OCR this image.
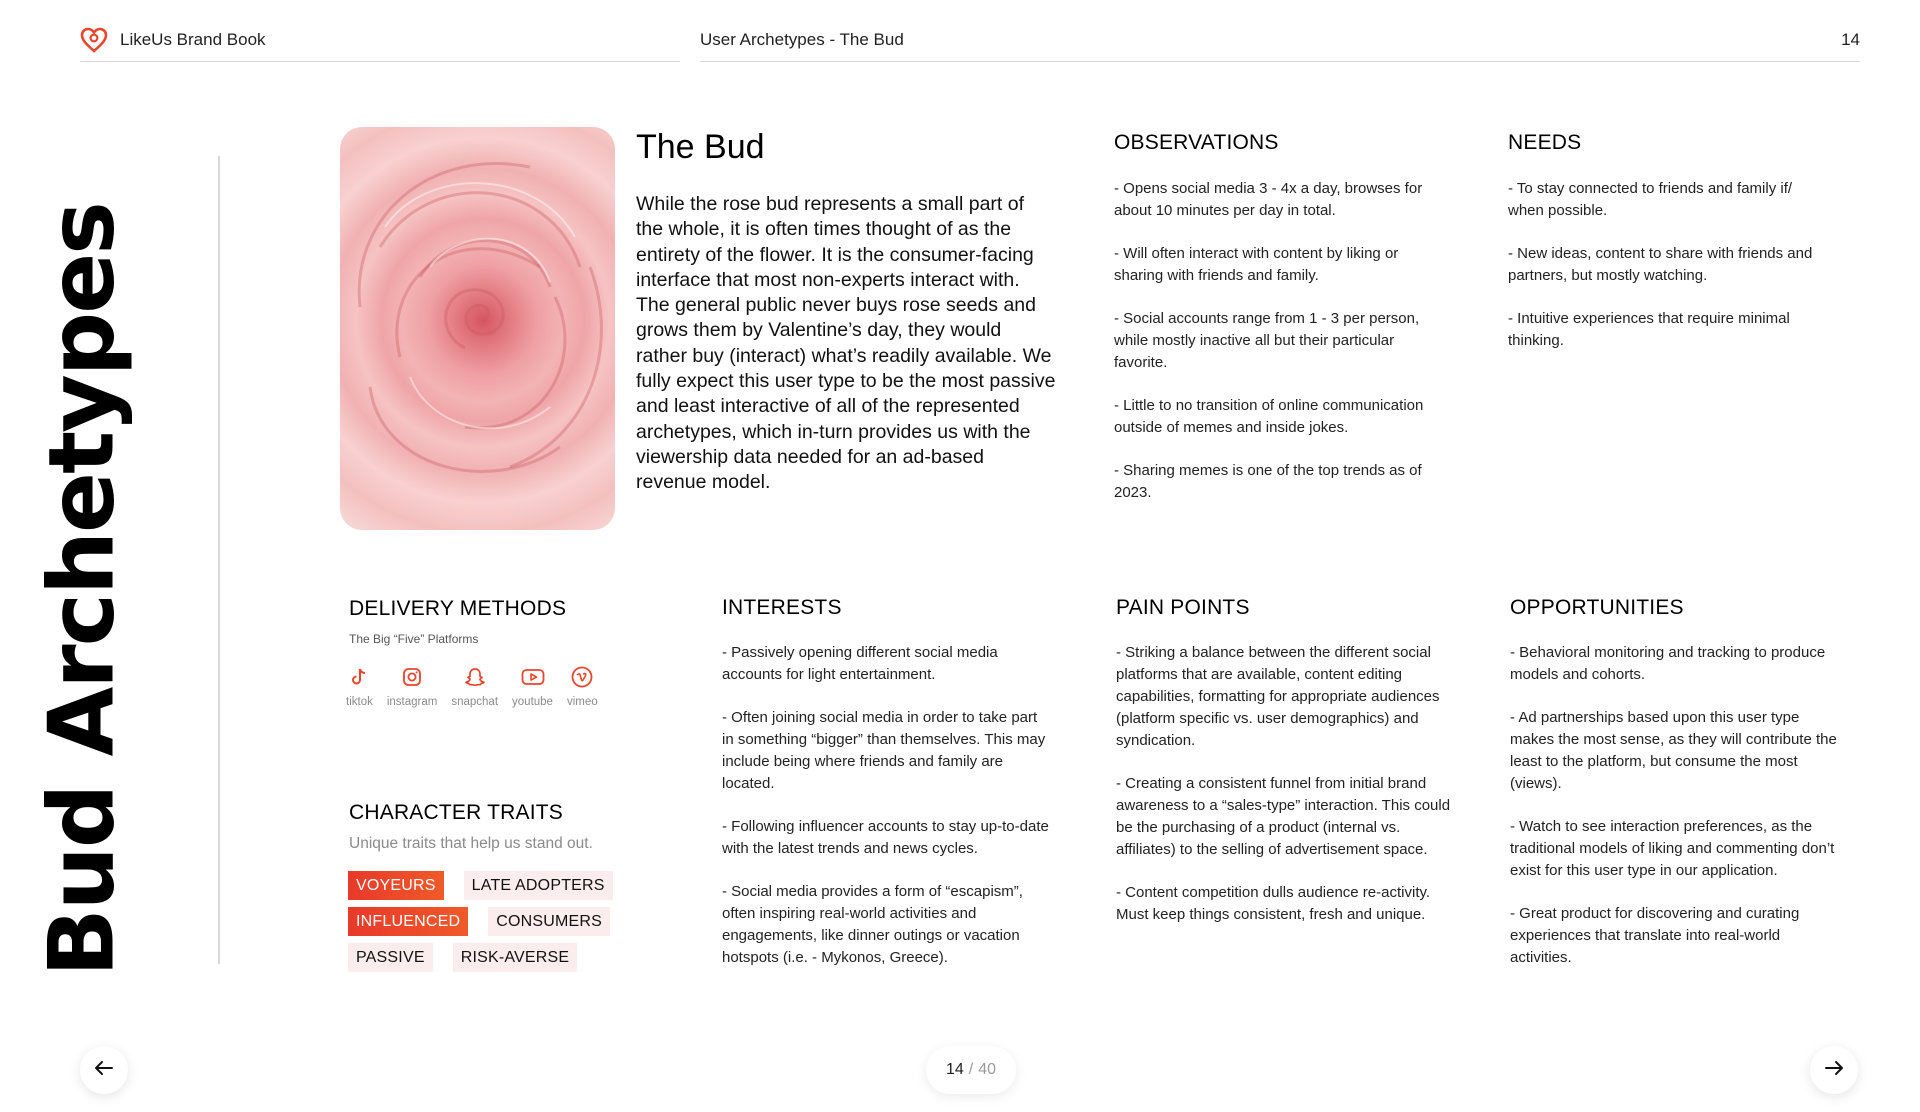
LikeUs Brand Book	User Archetypes - The Bud	14
Bud Archetypes
The Bud
While the rose bud represents a small part of the whole, it is often times thought of as the entirety of the flower. It is the consumer-facing interface that most non-experts interact with. The general public never buys rose seeds and grows them by Valentine’s day, they would rather buy (interact) what’s readily available. We fully expect this user type to be the most passive and least interactive of all of the represented archetypes, which in-turn provides us with the viewership data needed for an ad-based revenue model.
OBSERVATIONS

- Opens social media 3 - 4x a day, browses for about 10 minutes per day in total.

- Will often interact with content by liking or sharing with friends and family.

- Social accounts range from 1 - 3 per person, while mostly inactive all but their particular favorite.

- Little to no transition of online communication outside of memes and inside jokes.

- Sharing memes is one of the top trends as of 2023.

NEEDS

- To stay connected to friends and family if/ when possible.

- New ideas, content to share with friends and partners, but mostly watching.

- Intuitive experiences that require minimal thinking.

DELIVERY METHODS
The Big “Five” Platforms
tiktok instagram snapchat youtube vimeo
CHARACTER TRAITS
Unique traits that help us stand out.
VOYEURS	LATE ADOPTERS
INFLUENCED	CONSUMERS
PASSIVE	RISK-AVERSE
INTERESTS

- Passively opening different social media accounts for light entertainment.

- Often joining social media in order to take part in something “bigger” than themselves. This may include being where friends and family are located.

- Following influencer accounts to stay up-to-date with the latest trends and news cycles.

- Social media provides a form of “escapism”, often inspiring real-world activities and engagements, like dinner outings or vacation hotspots (i.e. - Mykonos, Greece).

PAIN POINTS

- Striking a balance between the different social platforms that are available, content editing capabilities, formatting for appropriate audiences (platform specific vs. user demographics) and syndication.

- Creating a consistent funnel from initial brand awareness to a “sales-type” interaction. This could be the purchasing of a product (internal vs. affiliates) to the selling of advertisement space.

- Content competition dulls audience re-activity. Must keep things consistent, fresh and unique.

OPPORTUNITIES

- Behavioral monitoring and tracking to produce models and cohorts.

- Ad partnerships based upon this user type makes the most sense, as they will contribute the least to the platform, but consume the most (views).

- Watch to see interaction preferences, as the traditional models of liking and commenting don’t exist for this user type in our application.

- Great product for discovering and curating experiences that translate into real-world activities.

14 / 40
